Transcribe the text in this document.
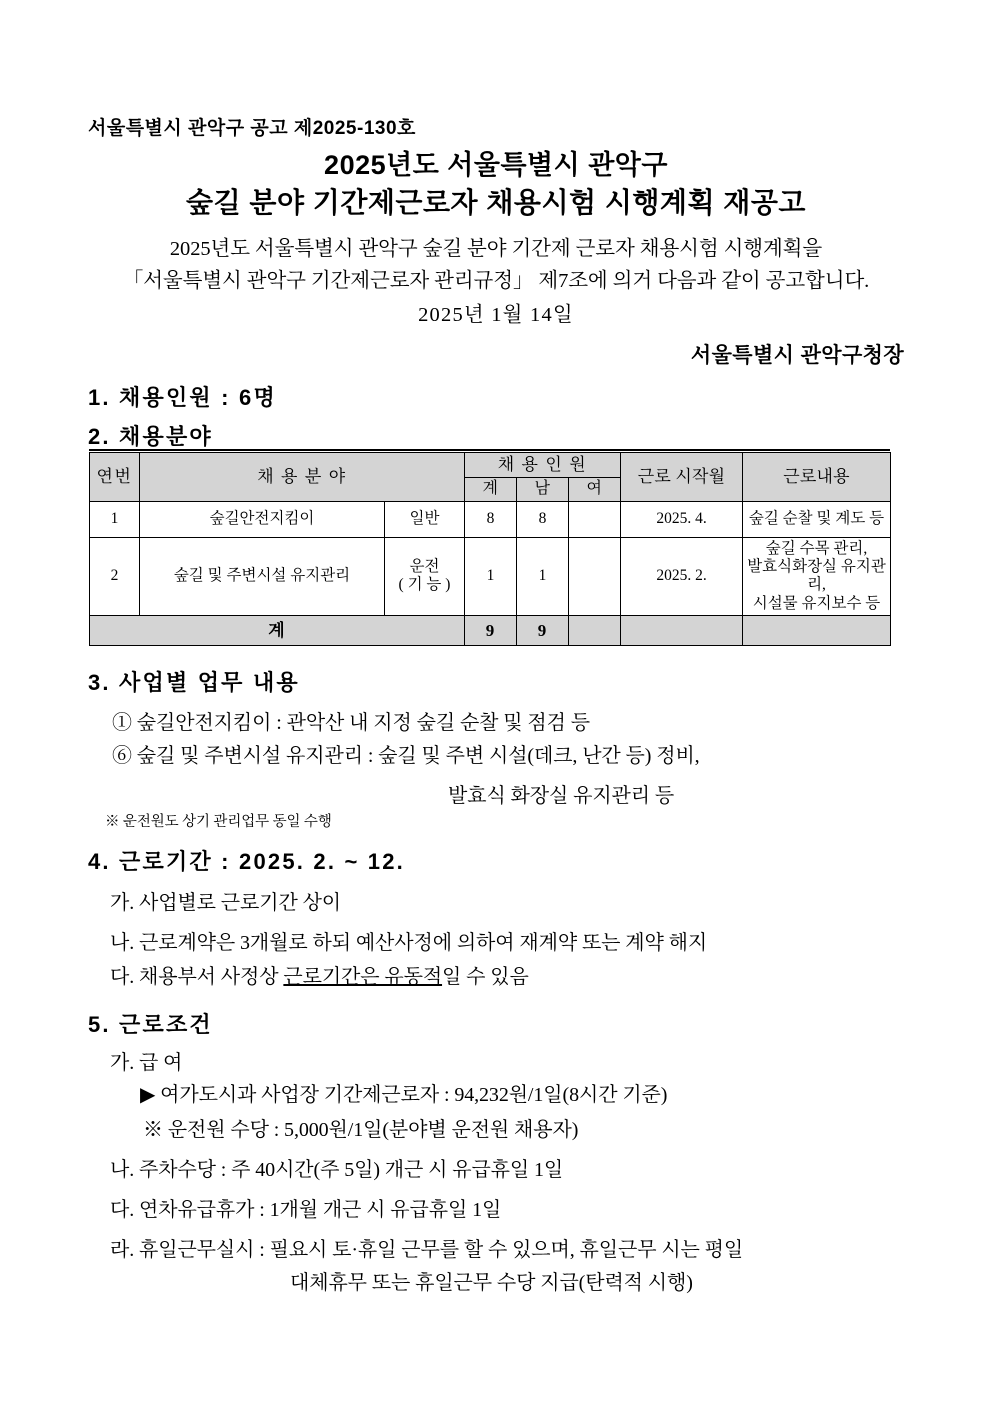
서울특별시 관악구 공고 제2025-130호
2025년도 서울특별시 관악구
숲길 분야 기간제근로자 채용시험 시행계획 재공고
2025년도 서울특별시 관악구 숲길 분야 기간제 근로자 채용시험 시행계획을
「서울특별시 관악구 기간제근로자 관리규정」 제7조에 의거 다음과 같이 공고합니다.
2025년 1월 14일
서울특별시 관악구청장
1. 채용인원 : 6명
2. 채용분야
연번	채 용 분 야		채 용 인 원			근로 시작월	근로내용
			계	남	여		
1	숲길안전지킴이	일반	8	8		2025. 4.	숲길 순찰 및 계도 등
2	숲길 및 주변시설 유지관리	운전
( 기 능 )	1	1		2025. 2.	숲길 수목 관리,
발효식화장실 유지관리,
시설물 유지보수 등
계			9	9			
3. 사업별 업무 내용
① 숲길안전지킴이 : 관악산 내 지정 숲길 순찰 및 점검 등
⑥ 숲길 및 주변시설 유지관리 : 숲길 및 주변 시설(데크, 난간 등) 정비,
발효식 화장실 유지관리 등
※ 운전원도 상기 관리업무 동일 수행
4. 근로기간 : 2025. 2. ~ 12.
가. 사업별로 근로기간 상이
나. 근로계약은 3개월로 하되 예산사정에 의하여 재계약 또는 계약 해지
다. 채용부서 사정상 근로기간은 유동적일 수 있음
5. 근로조건
가. 급 여
▶ 여가도시과 사업장 기간제근로자 : 94,232원/1일(8시간 기준)
※ 운전원 수당 : 5,000원/1일(분야별 운전원 채용자)
나. 주차수당 : 주 40시간(주 5일) 개근 시 유급휴일 1일
다. 연차유급휴가 : 1개월 개근 시 유급휴일 1일
라. 휴일근무실시 : 필요시 토·휴일 근무를 할 수 있으며, 휴일근무 시는 평일
대체휴무 또는 휴일근무 수당 지급(탄력적 시행)
